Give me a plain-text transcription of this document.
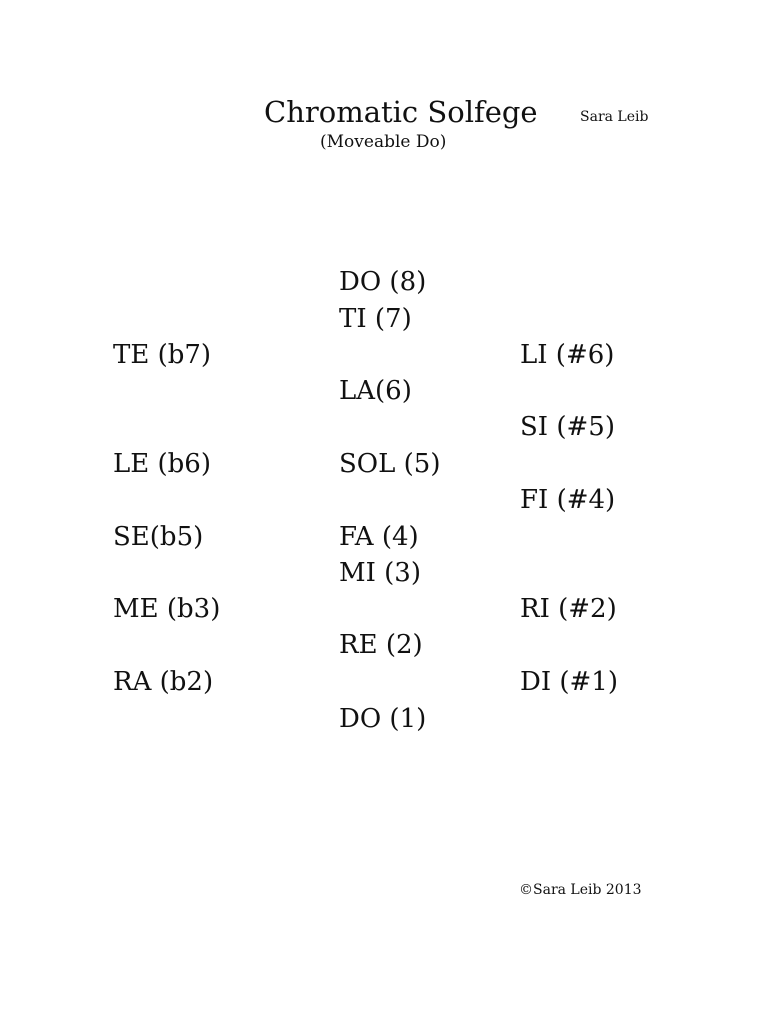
Chromatic Solfege	Sara Leib
(Moveable Do)
DO (8)
TI (7)
LA(6)
SOL (5)
FA (4)
MI (3)
RE (2)
DO (1)
TE (b7)
LE (b6)
SE(b5)
ME (b3)
RA (b2)
LI (#6)
SI (#5)
FI (#4)
RI (#2)
DI (#1)
©Sara Leib 2013
